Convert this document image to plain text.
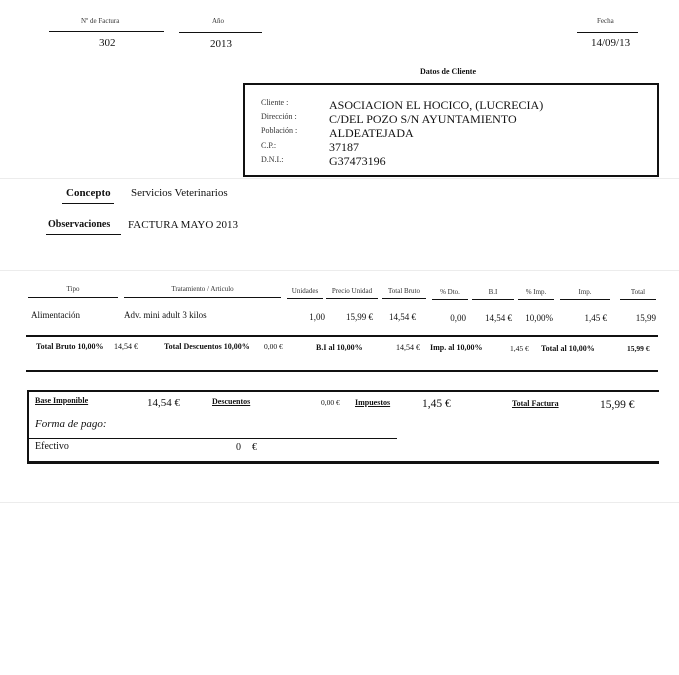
Nº de Factura
302
Año
2013
Fecha
14/09/13
Datos de Cliente
Cliente :	ASOCIACION EL HOCICO, (LUCRECIA)
Dirección :	C/DEL POZO S/N AYUNTAMIENTO
Población :	ALDEATEJADA
C.P.:	37187
D.N.I.:	G37473196
Concepto Servicios Veterinarios
Observaciones FACTURA MAYO 2013
Tipo	Tratamiento / Articulo	Unidades	Precio Unidad	Total Bruto	% Dto.	B.I	% Imp.	Imp.	Total
Alimentación	Adv. mini adult 3 kilos	1,00	15,99 €	14,54 €	0,00	14,54 €	10,00%	1,45 €	15,99
Total Bruto 10,00% 14,54 €	Total Descuentos 10,00% 0,00 €	B.I al 10,00%	14,54 € Imp. al 10,00%	1,45 € Total al 10,00%	15,99 €
Base Imponible	14,54 €	Descuentos	0,00 € Impuestos	1,45 €	Total Factura	15,99 €
Forma de pago:
Efectivo	0 €
